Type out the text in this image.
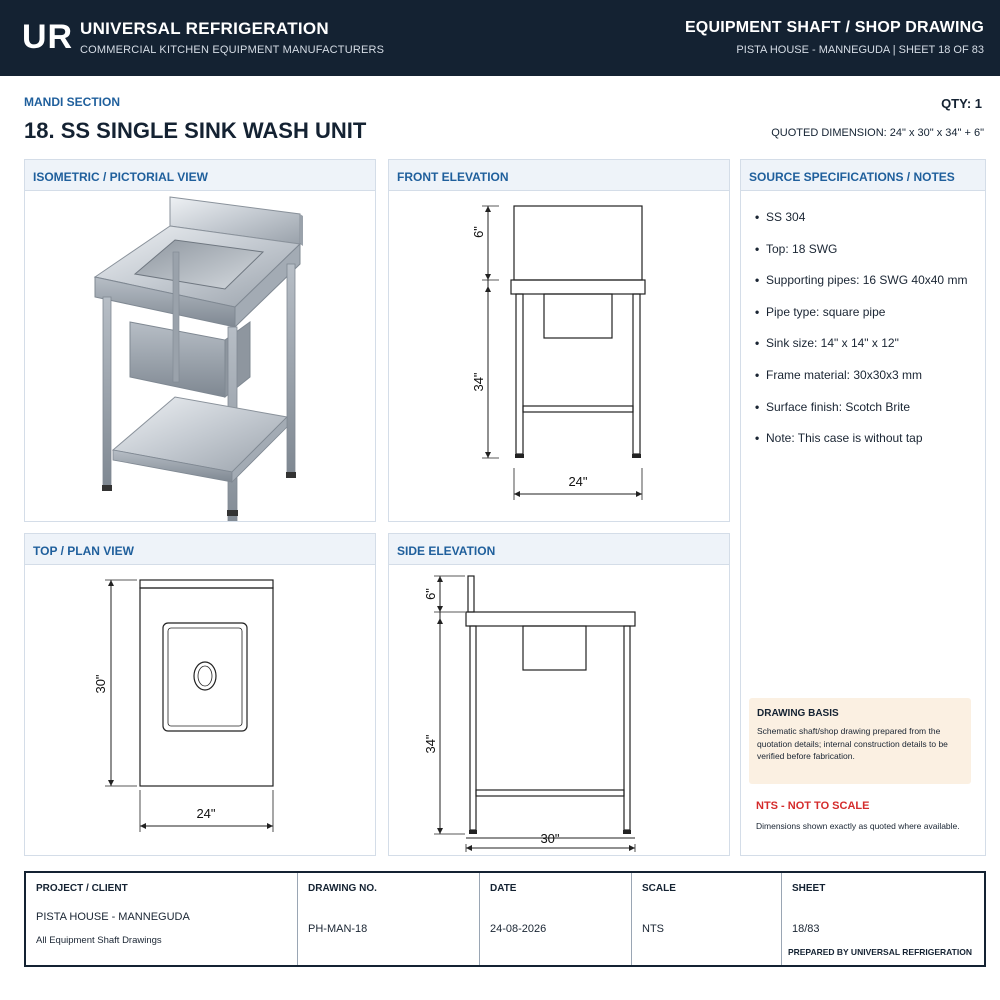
UR UNIVERSAL REFRIGERATION
COMMERCIAL KITCHEN EQUIPMENT MANUFACTURERS
EQUIPMENT SHAFT / SHOP DRAWING
PISTA HOUSE - MANNEGUDA | SHEET 18 OF 83
MANDI SECTION
18. SS SINGLE SINK WASH UNIT
QTY: 1
QUOTED DIMENSION: 24" x 30" x 34" + 6"
ISOMETRIC / PICTORIAL VIEW	FRONT ELEVATION
6"
34"
24"
SOURCE SPECIFICATIONS / NOTES
• SS 304
• Top: 18 SWG
• Supporting pipes: 16 SWG 40x40 mm
• Pipe type: square pipe
• Sink size: 14" x 14" x 12"
• Frame material: 30x30x3 mm
• Surface finish: Scotch Brite
• Note: This case is without tap
DRAWING BASIS
Schematic shaft/shop drawing prepared from the quotation details; internal construction details to be verified before fabrication.
NTS - NOT TO SCALE
Dimensions shown exactly as quoted where available.
TOP / PLAN VIEW
30"
24"
SIDE ELEVATION
6"
34"
30"
PROJECT / CLIENT
PISTA HOUSE - MANNEGUDA
All Equipment Shaft Drawings
DRAWING NO.
PH-MAN-18
DATE
24-08-2026
SCALE
NTS
SHEET
18/83
PREPARED BY UNIVERSAL REFRIGERATION
